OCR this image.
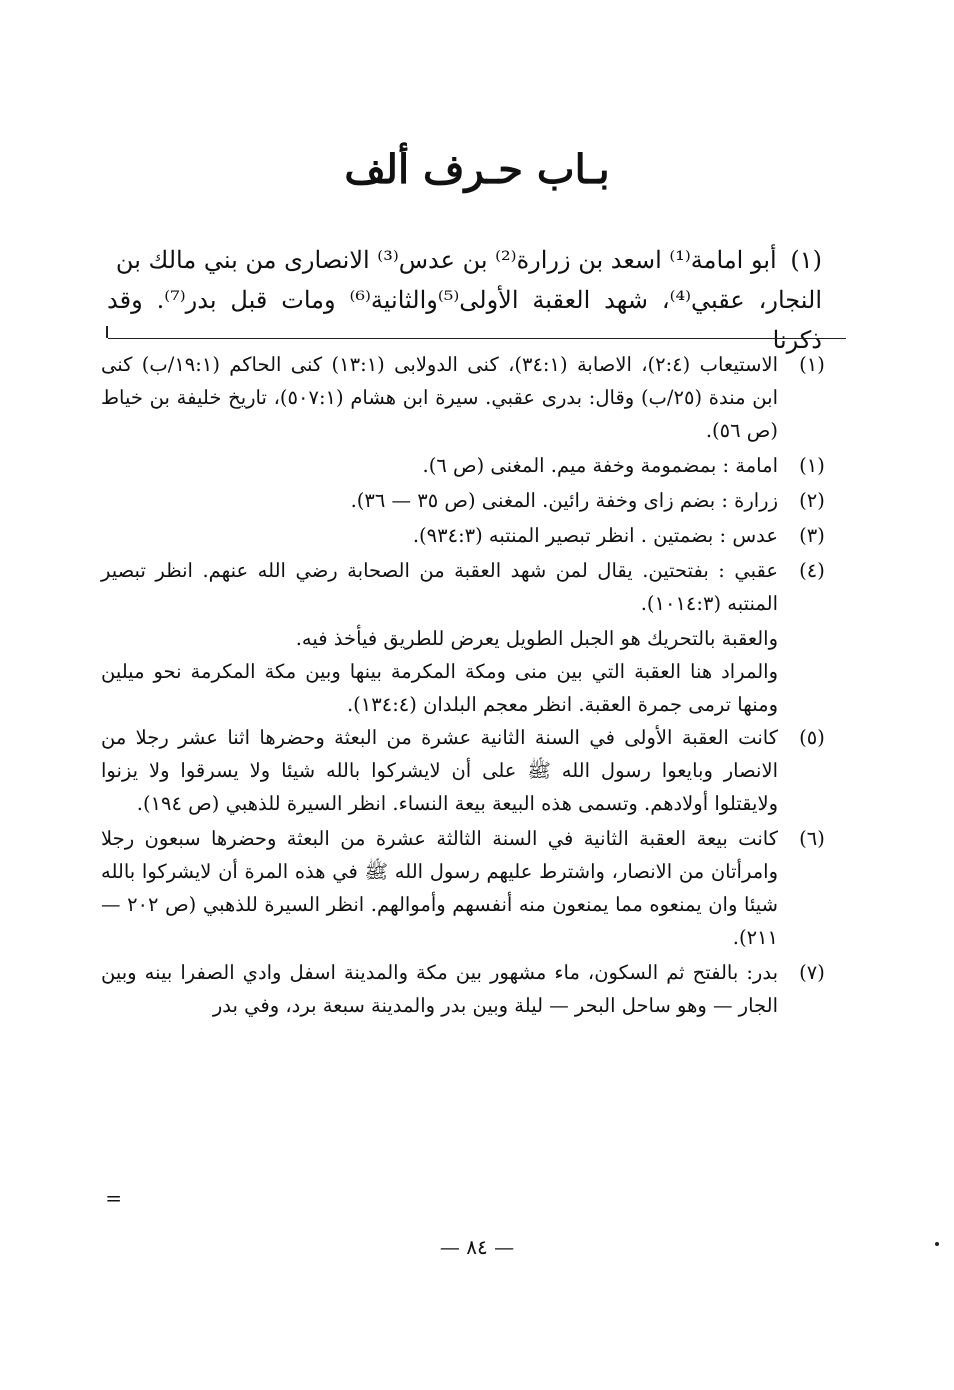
بـاب حـرف ألف
(١) أبو امامة⁽¹⁾ اسعد بن زرارة⁽²⁾ بن عدس⁽³⁾ الانصارى من بني مالك بن
النجار، عقبي⁽⁴⁾، شهد العقبة الأولى⁽⁵⁾والثانية⁽⁶⁾ ومات قبل بدر⁽⁷⁾. وقد ذكرنا
(١)

الاستيعاب (٢:٤)، الاصابة (٣٤:١)، كنى الدولابى (١٣:١) كنى الحاكم (١٩:١/ب) كنى ابن مندة (٢٥/ب) وقال: بدرى عقبي. سيرة ابن هشام (٥٠٧:١)، تاريخ خليفة بن خياط (ص ٥٦).

(١)

امامة : بمضمومة وخفة ميم. المغنى (ص ٦).

(٢)

زرارة : بضم زاى وخفة رائين. المغنى (ص ٣٥ — ٣٦).

(٣)

عدس : بضمتين . انظر تبصير المنتبه (٩٣٤:٣).

(٤)

عقبي : بفتحتين. يقال لمن شهد العقبة من الصحابة رضي الله عنهم. انظر تبصير المنتبه (١٠١٤:٣).

والعقبة بالتحريك هو الجبل الطويل يعرض للطريق فيأخذ فيه.

والمراد هنا العقبة التي بين منى ومكة المكرمة بينها وبين مكة المكرمة نحو ميلين ومنها ترمى جمرة العقبة. انظر معجم البلدان (١٣٤:٤).

(٥)

كانت العقبة الأولى في السنة الثانية عشرة من البعثة وحضرها اثنا عشر رجلا من الانصار وبايعوا رسول الله ﷺ على أن لايشركوا بالله شيئا ولا يسرقوا ولا يزنوا ولايقتلوا أولادهم. وتسمى هذه البيعة بيعة النساء. انظر السيرة للذهبي (ص ١٩٤).

(٦)

كانت بيعة العقبة الثانية في السنة الثالثة عشرة من البعثة وحضرها سبعون رجلا وامرأتان من الانصار، واشترط عليهم رسول الله ﷺ في هذه المرة أن لايشركوا بالله شيئا وان يمنعوه مما يمنعون منه أنفسهم وأموالهم. انظر السيرة للذهبي (ص ٢٠٢ — ٢١١).

(٧)

بدر: بالفتح ثم السكون، ماء مشهور بين مكة والمدينة اسفل وادي الصفرا بينه وبين الجار — وهو ساحل البحر — ليلة وبين بدر والمدينة سبعة برد، وفي بدر

=
— ٨٤ —
